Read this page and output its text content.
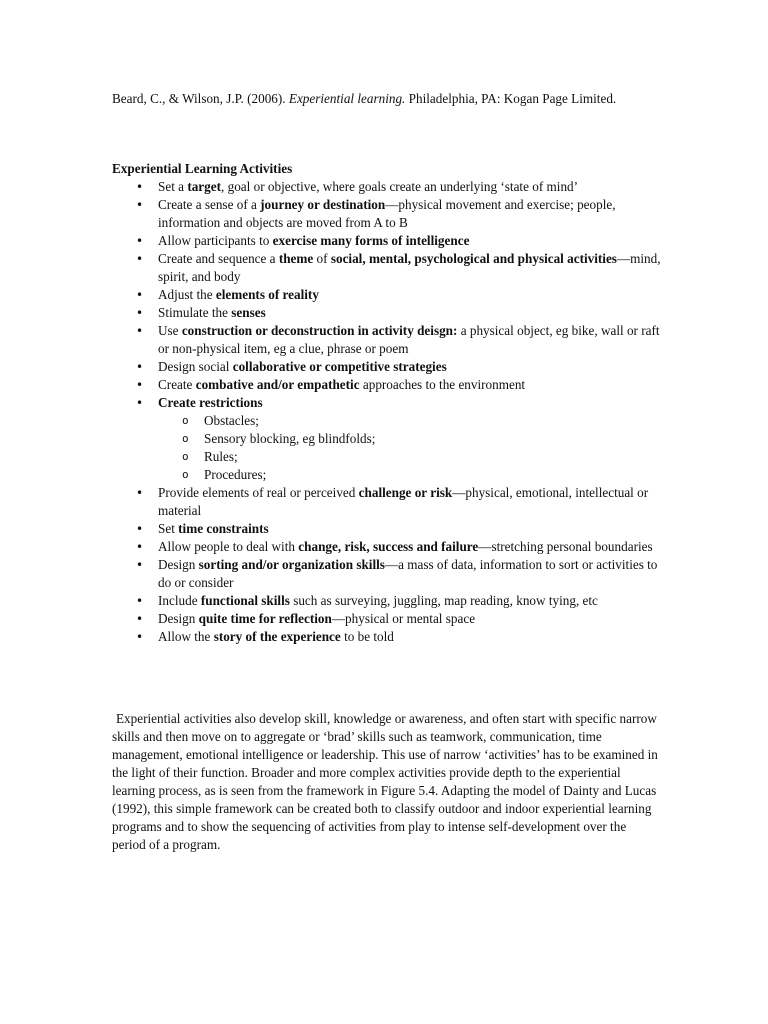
Beard, C., & Wilson, J.P. (2006). Experiential learning. Philadelphia, PA: Kogan Page Limited.
Experiential Learning Activities
• Set a target, goal or objective, where goals create an underlying ‘state of mind’
• Create a sense of a journey or destination—physical movement and exercise; people, information and objects are moved from A to B
• Allow participants to exercise many forms of intelligence
• Create and sequence a theme of social, mental, psychological and physical activities—mind, spirit, and body
• Adjust the elements of reality
• Stimulate the senses
• Use construction or deconstruction in activity deisgn: a physical object, eg bike, wall or raft or non-physical item, eg a clue, phrase or poem
• Design social collaborative or competitive strategies
• Create combative and/or empathetic approaches to the environment
• Create restrictions
o Obstacles;
o Sensory blocking, eg blindfolds;
o Rules;
o Procedures;
• Provide elements of real or perceived challenge or risk—physical, emotional, intellectual or material
• Set time constraints
• Allow people to deal with change, risk, success and failure—stretching personal boundaries
• Design sorting and/or organization skills—a mass of data, information to sort or activities to do or consider
• Include functional skills such as surveying, juggling, map reading, know tying, etc
• Design quite time for reflection—physical or mental space
• Allow the story of the experience to be told
Experiential activities also develop skill, knowledge or awareness, and often start with specific narrow skills and then move on to aggregate or ‘brad’ skills such as teamwork, communication, time management, emotional intelligence or leadership. This use of narrow ‘activities’ has to be examined in the light of their function. Broader and more complex activities provide depth to the experiential learning process, as is seen from the framework in Figure 5.4. Adapting the model of Dainty and Lucas (1992), this simple framework can be created both to classify outdoor and indoor experiential learning programs and to show the sequencing of activities from play to intense self-development over the period of a program.
